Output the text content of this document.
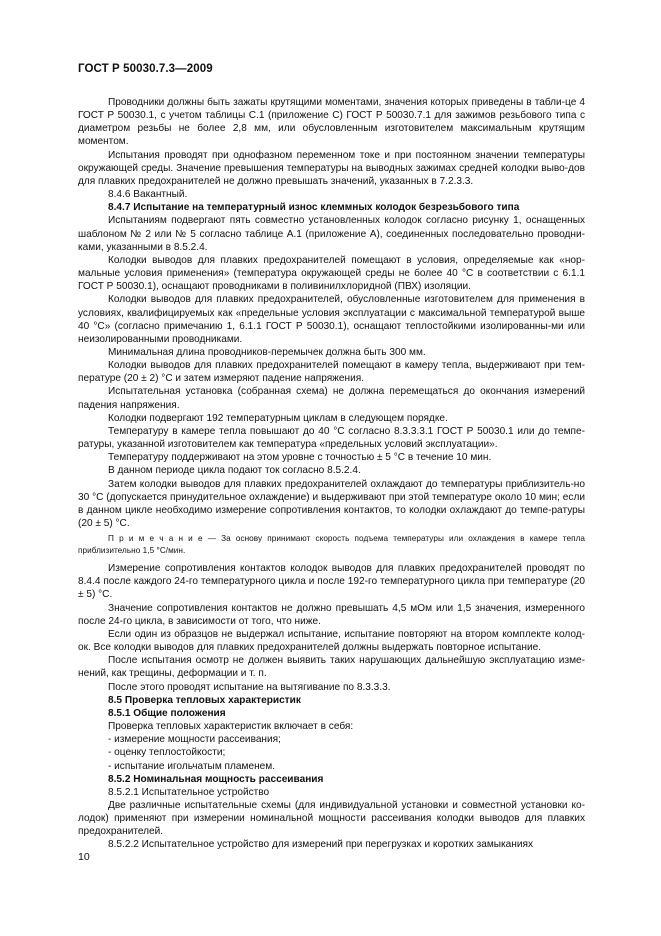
ГОСТ Р 50030.7.3—2009

Проводники должны быть зажаты крутящими моментами, значения которых приведены в табли-це 4 ГОСТ Р 50030.1, с учетом таблицы С.1 (приложение С) ГОСТ Р 50030.7.1 для зажимов резьбового типа с диаметром резьбы не более 2,8 мм, или обусловленным изготовителем максимальным крутящим моментом.

Испытания проводят при однофазном переменном токе и при постоянном значении температуры окружающей среды. Значение превышения температуры на выводных зажимах средней колодки выво-дов для плавких предохранителей не должно превышать значений, указанных в 7.2.3.3.

8.4.6 Вакантный.

8.4.7 Испытание на температурный износ клеммных колодок безрезьбового типа

Испытаниям подвергают пять совместно установленных колодок согласно рисунку 1, оснащенных шаблоном № 2 или № 5 согласно таблице А.1 (приложение А), соединенных последовательно проводни-ками, указанными в 8.5.2.4.

Колодки выводов для плавких предохранителей помещают в условия, определяемые как «нор-мальные условия применения» (температура окружающей среды не более 40 °С в соответствии с 6.1.1 ГОСТ Р 50030.1), оснащают проводниками в поливинилхлоридной (ПВХ) изоляции.

Колодки выводов для плавких предохранителей, обусловленные изготовителем для применения в условиях, квалифицируемых как «предельные условия эксплуатации с максимальной температурой выше 40 °С» (согласно примечанию 1, 6.1.1 ГОСТ Р 50030.1), оснащают теплостойкими изолированны-ми или неизолированными проводниками.

Минимальная длина проводников-перемычек должна быть 300 мм.

Колодки выводов для плавких предохранителей помещают в камеру тепла, выдерживают при тем-пературе (20 ± 2) °С и затем измеряют падение напряжения.

Испытательная установка (собранная схема) не должна перемещаться до окончания измерений падения напряжения.

Колодки подвергают 192 температурным циклам в следующем порядке.

Температуру в камере тепла повышают до 40 °С согласно 8.3.3.3.1 ГОСТ Р 50030.1 или до темпе-ратуры, указанной изготовителем как температура «предельных условий эксплуатации».

Температуру поддерживают на этом уровне с точностью ± 5 °С в течение 10 мин.

В данном периоде цикла подают ток согласно 8.5.2.4.

Затем колодки выводов для плавких предохранителей охлаждают до температуры приблизитель-но 30 °С (допускается принудительное охлаждение) и выдерживают при этой температуре около 10 мин; если в данном цикле необходимо измерение сопротивления контактов, то колодки охлаждают до темпе-ратуры (20 ± 5) °С.

П р и м е ч а н и е — За основу принимают скорость подъема температуры или охлаждения в камере тепла приблизительно 1,5 °С/мин.

Измерение сопротивления контактов колодок выводов для плавких предохранителей проводят по 8.4.4 после каждого 24-го температурного цикла и после 192-го температурного цикла при температуре (20 ± 5) °С.

Значение сопротивления контактов не должно превышать 4,5 мОм или 1,5 значения, измеренного после 24-го цикла, в зависимости от того, что ниже.

Если один из образцов не выдержал испытание, испытание повторяют на втором комплекте колод-ок. Все колодки выводов для плавких предохранителей должны выдержать повторное испытание.

После испытания осмотр не должен выявить таких нарушающих дальнейшую эксплуатацию изме-нений, как трещины, деформации и т. п.

После этого проводят испытание на вытягивание по 8.3.3.3.

8.5 Проверка тепловых характеристик

8.5.1 Общие положения

Проверка тепловых характеристик включает в себя:

- измерение мощности рассеивания;

- оценку теплостойкости;

- испытание игольчатым пламенем.

8.5.2 Номинальная мощность рассеивания

8.5.2.1 Испытательное устройство

Две различные испытательные схемы (для индивидуальной установки и совместной установки ко-лодок) применяют при измерении номинальной мощности рассеивания колодки выводов для плавких предохранителей.

8.5.2.2 Испытательное устройство для измерений при перегрузках и коротких замыканиях

10
